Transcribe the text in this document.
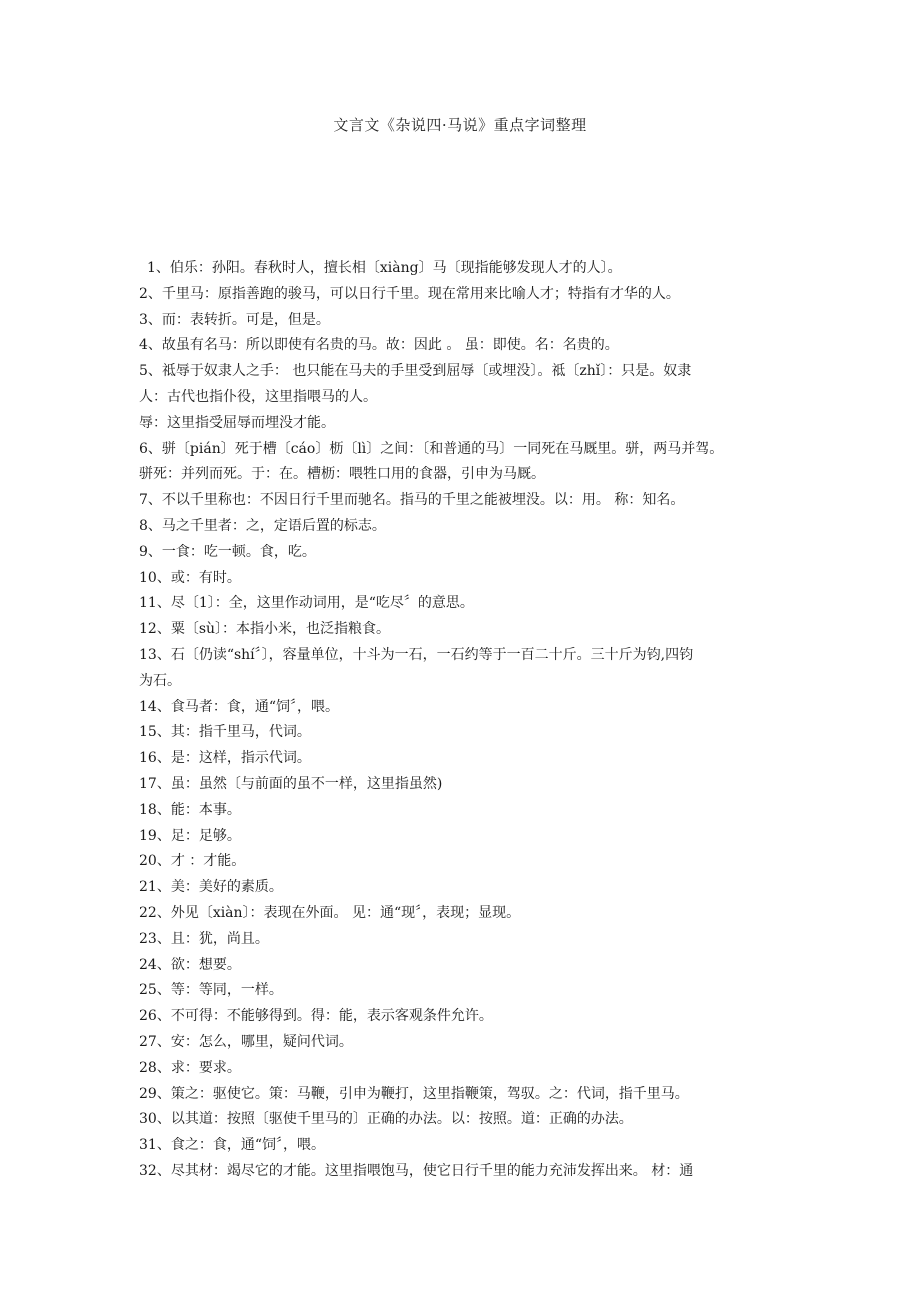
文言文《杂说四·马说》重点字词整理
1、伯乐：孙阳。春秋时人，擅长相〔xiàng〕马〔现指能够发现人才的人〕。
2、千里马：原指善跑的骏马，可以日行千里。现在常用来比喻人才；特指有才华的人。
3、而：表转折。可是，但是。
4、故虽有名马：所以即使有名贵的马。故：因此 。 虽：即使。名：名贵的。
5、祗辱于奴隶人之手： 也只能在马夫的手里受到屈辱〔或埋没〕。祗〔zhǐ〕：只是。奴隶
人：古代也指仆役，这里指喂马的人。
辱：这里指受屈辱而埋没才能。
6、骈〔pián〕死于槽〔cáo〕枥〔lì〕之间：〔和普通的马〕一同死在马厩里。骈，两马并驾。
骈死：并列而死。于：在。槽枥：喂牲口用的食器，引申为马厩。
7、不以千里称也：不因日行千里而驰名。指马的千里之能被埋没。以：用。 称：知名。
8、马之千里者：之，定语后置的标志。
9、一食：吃一顿。食，吃。
10、或：有时。
11、尽〔1〕：全，这里作动词用，是“吃尽〞的意思。
12、粟〔sù〕：本指小米，也泛指粮食。
13、石〔仍读“shí〞〕，容量单位，十斗为一石，一石约等于一百二十斤。三十斤为钧,四钧
为石。
14、食马者：食，通“饲〞，喂。
15、其：指千里马，代词。
16、是：这样，指示代词。
17、虽：虽然〔与前面的虽不一样，这里指虽然)
18、能：本事。
19、足：足够。
20、才 ：才能。
21、美：美好的素质。
22、外见〔xiàn〕：表现在外面。 见：通“现〞，表现；显现。
23、且：犹，尚且。
24、欲：想要。
25、等：等同，一样。
26、不可得：不能够得到。得：能，表示客观条件允许。
27、安：怎么，哪里，疑问代词。
28、求：要求。
29、策之：驱使它。策：马鞭，引申为鞭打，这里指鞭策，驾驭。之：代词，指千里马。
30、以其道：按照〔驱使千里马的〕正确的办法。以：按照。道：正确的办法。
31、食之：食，通“饲〞，喂。
32、尽其材：竭尽它的才能。这里指喂饱马，使它日行千里的能力充沛发挥出来。 材：通
